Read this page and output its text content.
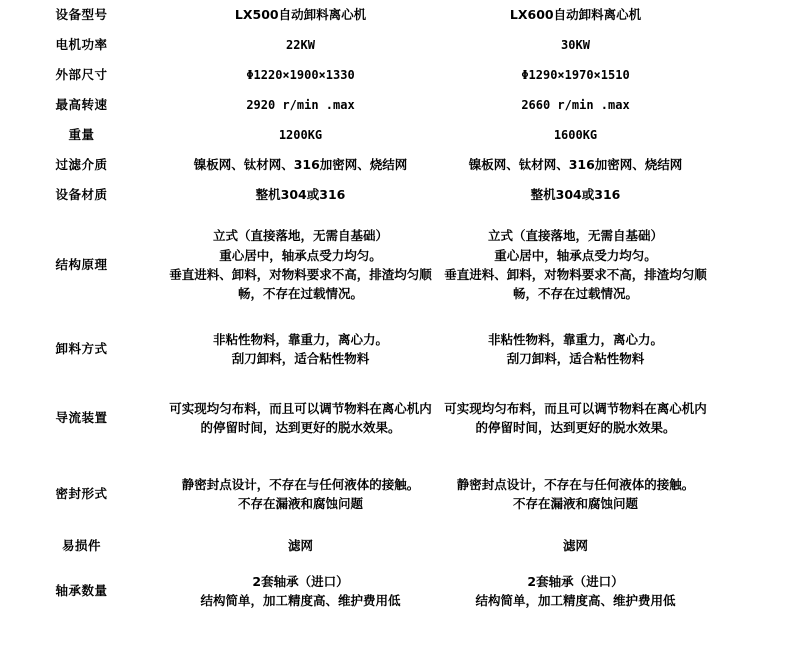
设备型号	LX500自动卸料离心机	LX600自动卸料离心机	

电机功率	22KW	30KW	

外部尺寸	Φ1220×1900×1330	Φ1290×1970×1510	

最高转速	2920 r/min .max	2660 r/min .max	

重量	1200KG	1600KG	

过滤介质	镍板网、钛材网、316加密网、烧结网	镍板网、钛材网、316加密网、烧结网	

设备材质	整机304或316	整机304或316	

结构原理	立式（直接落地，无需自基础）
重心居中，轴承点受力均匀。
垂直进料、卸料，对物料要求不高，排渣均匀顺
畅，不存在过载情况。	立式（直接落地，无需自基础）
重心居中，轴承点受力均匀。
垂直进料、卸料，对物料要求不高，排渣均匀顺
畅，不存在过载情况。	

卸料方式	非粘性物料，靠重力，离心力。
刮刀卸料，适合粘性物料	非粘性物料，靠重力，离心力。
刮刀卸料，适合粘性物料	

导流装置	可实现均匀布料，而且可以调节物料在离心机内
的停留时间，达到更好的脱水效果。	可实现均匀布料，而且可以调节物料在离心机内
的停留时间，达到更好的脱水效果。	

密封形式	静密封点设计，不存在与任何液体的接触。
不存在漏液和腐蚀问题	静密封点设计，不存在与任何液体的接触。
不存在漏液和腐蚀问题	

易损件	滤网	滤网	

轴承数量	2套轴承（进口）
结构简单，加工精度高、维护费用低	2套轴承（进口）
结构简单，加工精度高、维护费用低	
